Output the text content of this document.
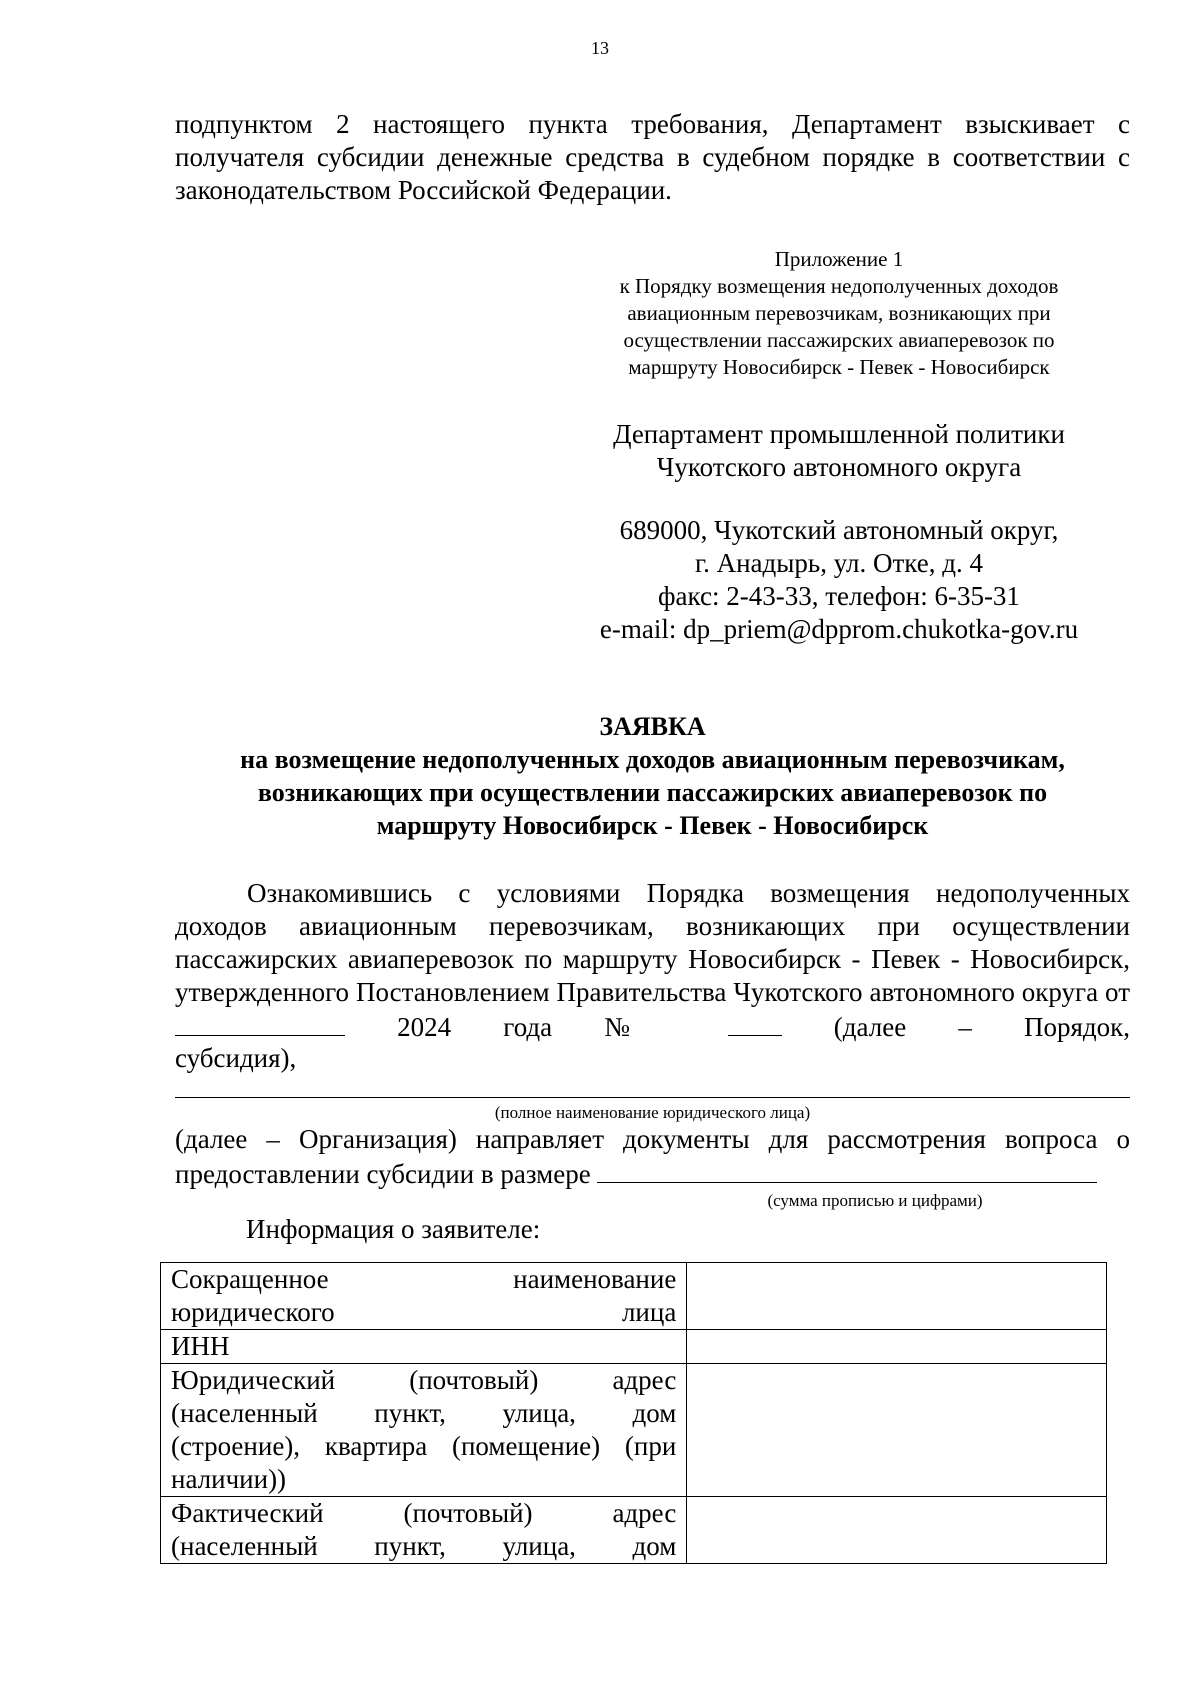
13
подпунктом 2 настоящего пункта требования, Департамент взыскивает с получателя субсидии денежные средства в судебном порядке в соответствии с законодательством Российской Федерации.
Приложение 1
к Порядку возмещения недополученных доходов
авиационным перевозчикам, возникающих при
осуществлении пассажирских авиаперевозок по
маршруту Новосибирск - Певек - Новосибирск
Департамент промышленной политики
Чукотского автономного округа
689000, Чукотский автономный округ,
г. Анадырь, ул. Отке, д. 4
факс: 2-43-33, телефон: 6-35-31
e-mail: dp_priem@dpprom.chukotka-gov.ru
ЗАЯВКА
на возмещение недополученных доходов авиационным перевозчикам,
возникающих при осуществлении пассажирских авиаперевозок по
маршруту Новосибирск - Певек - Новосибирск
Ознакомившись с условиями Порядка возмещения недополученных доходов авиационным перевозчикам, возникающих при осуществлении пассажирских авиаперевозок по маршруту Новосибирск - Певек - Новосибирск, утвержденного Постановлением Правительства Чукотского автономного округа от  2024 года №	(далее – Порядок,
субсидия),
(полное наименование юридического лица)
(далее – Организация) направляет документы для рассмотрения вопроса о
предоставлении субсидии в размере
(сумма прописью и цифрами)
Информация о заявителе:
Сокращенное наименование
юридического лица	

ИНН	

Юридический (почтовый) адрес
(населенный пункт, улица, дом
(строение), квартира (помещение) (при
наличии))	

Фактический (почтовый) адрес
(населенный пункт, улица, дом	
